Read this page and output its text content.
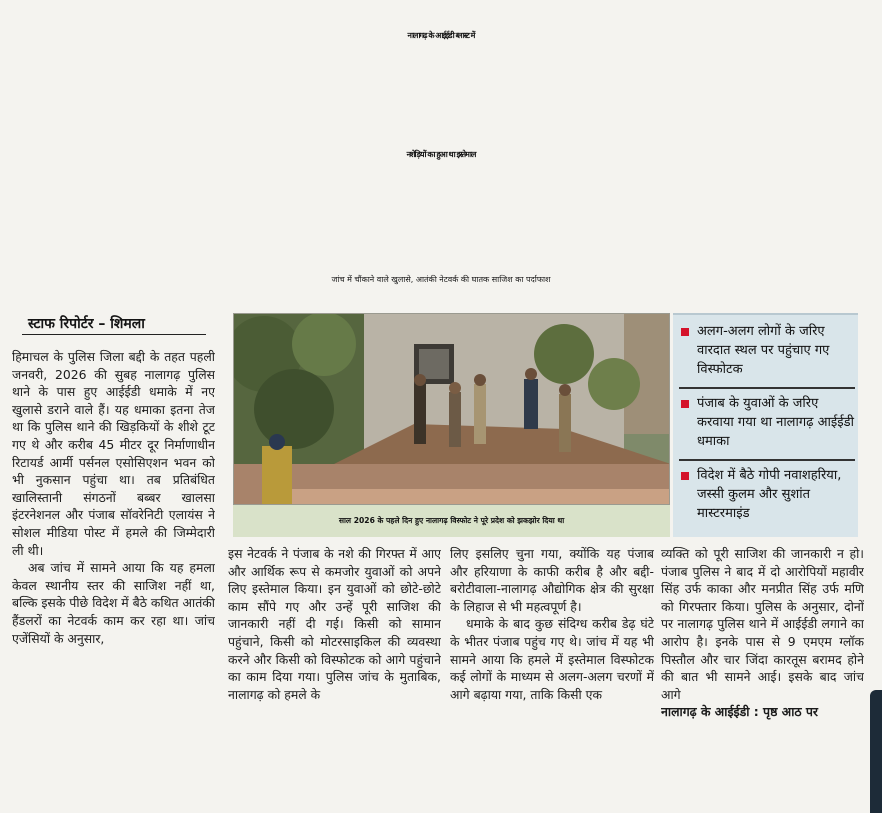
नालागढ़ के आईईडी ब्लास्ट में
नशेड़ियों का हुआ था इस्तेमाल
जांच में चौंकाने वाले खुलासे, आतंकी नेटवर्क की घातक साजिश का पर्दाफाश
स्टाफ रिपोर्टर – शिमला
साल 2026 के पहले दिन हुए नालागढ़ विस्फोट ने पूरे प्रदेश को झकझोर दिया था
अलग-अलग लोगों के जरिए वारदात स्थल पर पहुंचाए गए विस्फोटक
पंजाब के युवाओं के जरिए करवाया गया था नालागढ़ आईईडी धमाका
विदेश में बैठे गोपी नवाशहरिया, जस्सी कुलम और सुशांत मास्टरमाइंड

हिमाचल के पुलिस जिला बद्दी के तहत पहली जनवरी, 2026 की सुबह नालागढ़ पुलिस थाने के पास हुए आईईडी धमाके में नए खुलासे डराने वाले हैं। यह धमाका इतना तेज था कि पुलिस थाने की खिड़कियों के शीशे टूट गए थे और करीब 45 मीटर दूर निर्माणाधीन रिटायर्ड आर्मी पर्सनल एसोसिएशन भवन को भी नुकसान पहुंचा था। तब प्रतिबंधित खालिस्तानी संगठनों बब्बर खालसा इंटरनेशनल और पंजाब सॉवरेनिटी एलायंस ने सोशल मीडिया पोस्ट में हमले की जिम्मेदारी ली थी।

अब जांच में सामने आया कि यह हमला केवल स्थानीय स्तर की साजिश नहीं था, बल्कि इसके पीछे विदेश में बैठे कथित आतंकी हैंडलरों का नेटवर्क काम कर रहा था। जांच एजेंसियों के अनुसार,

इस नेटवर्क ने पंजाब के नशे की गिरफ्त में आए और आर्थिक रूप से कमजोर युवाओं को अपने लिए इस्तेमाल किया। इन युवाओं को छोटे-छोटे काम सौंपे गए और उन्हें पूरी साजिश की जानकारी नहीं दी गई। किसी को सामान पहुंचाने, किसी को मोटरसाइकिल की व्यवस्था करने और किसी को विस्फोटक को आगे पहुंचाने का काम दिया गया। पुलिस जांच के मुताबिक, नालागढ़ को हमले के

लिए इसलिए चुना गया, क्योंकि यह पंजाब और हरियाणा के काफी करीब है और बद्दी-बरोटीवाला-नालागढ़ औद्योगिक क्षेत्र की सुरक्षा के लिहाज से भी महत्वपूर्ण है।

धमाके के बाद कुछ संदिग्ध करीब डेढ़ घंटे के भीतर पंजाब पहुंच गए थे। जांच में यह भी सामने आया कि हमले में इस्तेमाल विस्फोटक कई लोगों के माध्यम से अलग-अलग चरणों में आगे बढ़ाया गया, ताकि किसी एक

व्यक्ति को पूरी साजिश की जानकारी न हो। पंजाब पुलिस ने बाद में दो आरोपियों महावीर सिंह उर्फ काका और मनप्रीत सिंह उर्फ मणि को गिरफ्तार किया। पुलिस के अनुसार, दोनों पर नालागढ़ पुलिस थाने में आईईडी लगाने का आरोप है। इनके पास से 9 एमएम ग्लॉक पिस्तौल और चार जिंदा कारतूस बरामद होने की बात भी सामने आई। इसके बाद जांच आगे

नालागढ़ के आईईडी : पृष्ठ आठ पर
